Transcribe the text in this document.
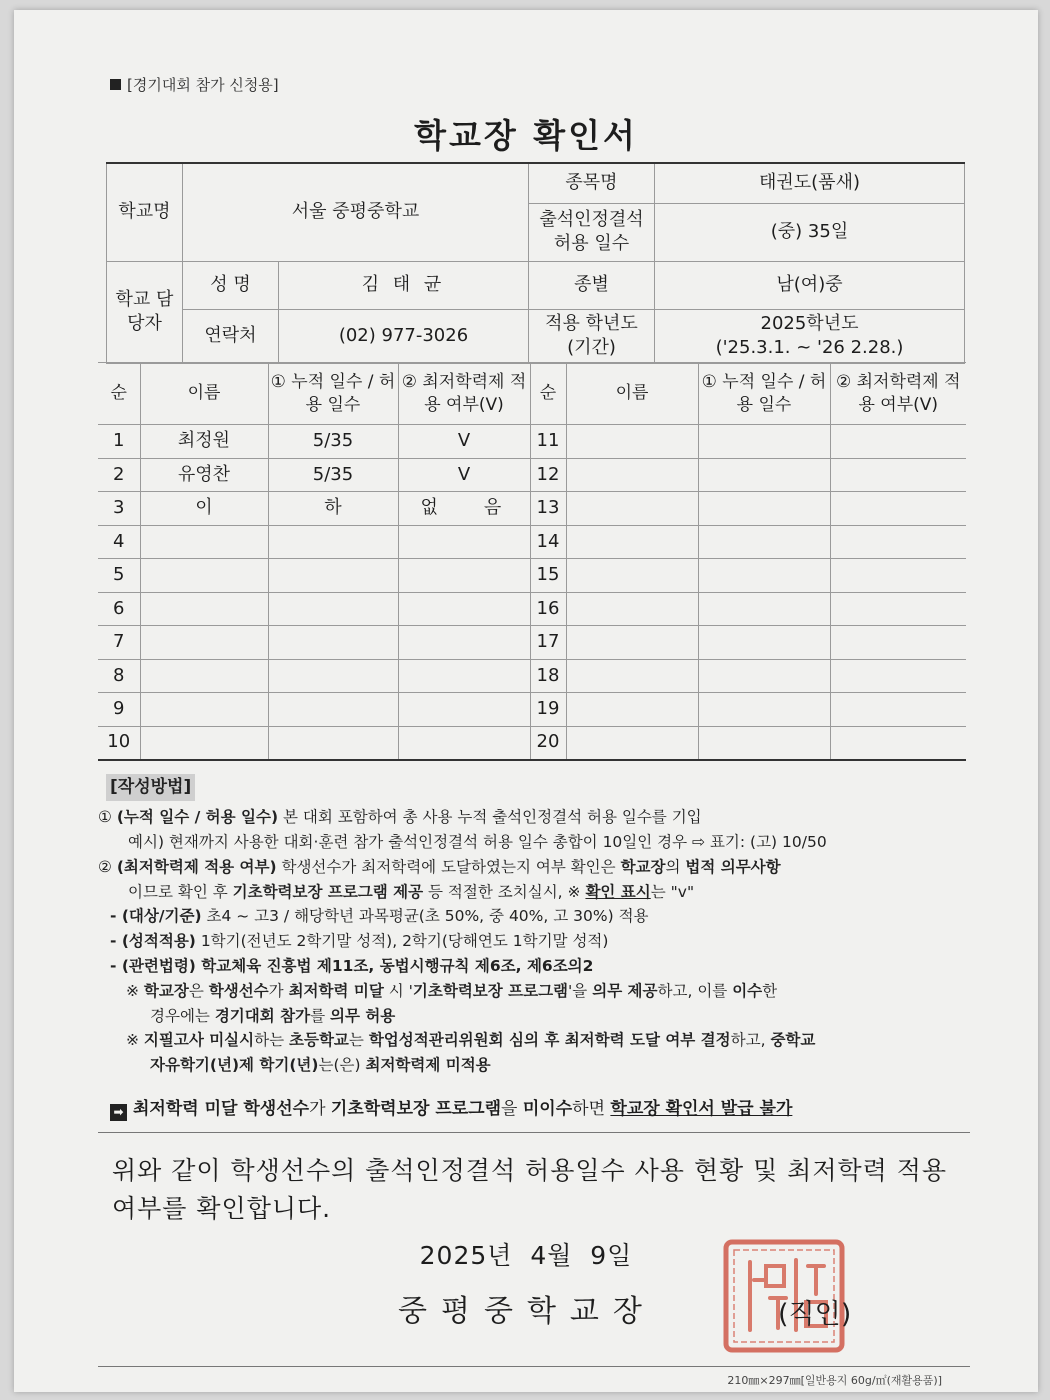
[경기대회 참가 신청용]
학교장 확인서
학교명	서울 중평중학교		종목명	태권도(품새)
			출석인정결석 허용 일수	(중) 35일
학교 담당자	성 명	김 태 균	종별	남(여)중
	연락처	(02) 977-3026	적용 학년도 (기간)	2025학년도
('25.3.1. ~ '26 2.28.)
순	이름	① 누적 일수 / 허용 일수	② 최저학력제 적용 여부(V)	순	이름	① 누적 일수 / 허용 일수	② 최저학력제 적용 여부(V)
1	최정원	5/35	V	11			
2	유영찬	5/35	V	12			
3	이	하	없 음	13			
4				14			
5				15			
6				16			
7				17			
8				18			
9				19			
10				20			
[작성방법]

① (누적 일수 / 허용 일수) 본 대회 포함하여 총 사용 누적 출석인정결석 허용 일수를 기입

예시) 현재까지 사용한 대회·훈련 참가 출석인정결석 허용 일수 총합이 10일인 경우 ⇨ 표기: (고) 10/50

② (최저학력제 적용 여부) 학생선수가 최저학력에 도달하였는지 여부 확인은 학교장의 법적 의무사항

이므로 확인 후 기초학력보장 프로그램 제공 등 적절한 조치실시, ※ 확인 표시는 "v"

- (대상/기준) 초4 ~ 고3 / 해당학년 과목평균(초 50%, 중 40%, 고 30%) 적용

- (성적적용) 1학기(전년도 2학기말 성적), 2학기(당해연도 1학기말 성적)

- (관련법령) 학교체육 진흥법 제11조, 동법시행규칙 제6조, 제6조의2

※ 학교장은 학생선수가 최저학력 미달 시 '기초학력보장 프로그램'을 의무 제공하고, 이를 이수한

경우에는 경기대회 참가를 의무 허용

※ 지필고사 미실시하는 초등학교는 학업성적관리위원회 심의 후 최저학력 도달 여부 결정하고, 중학교

자유학기(년)제 학기(년)는(은) 최저학력제 미적용

➡ 최저학력 미달 학생선수가 기초학력보장 프로그램을 미이수하면 학교장 확인서 발급 불가
위와 같이 학생선수의 출석인정결석 허용일수 사용 현황 및 최저학력 적용 여부를 확인합니다.
2025년  4월  9일
중평중학교장	(직인)
210㎜×297㎜[일반용지 60g/㎡(재활용품)]
